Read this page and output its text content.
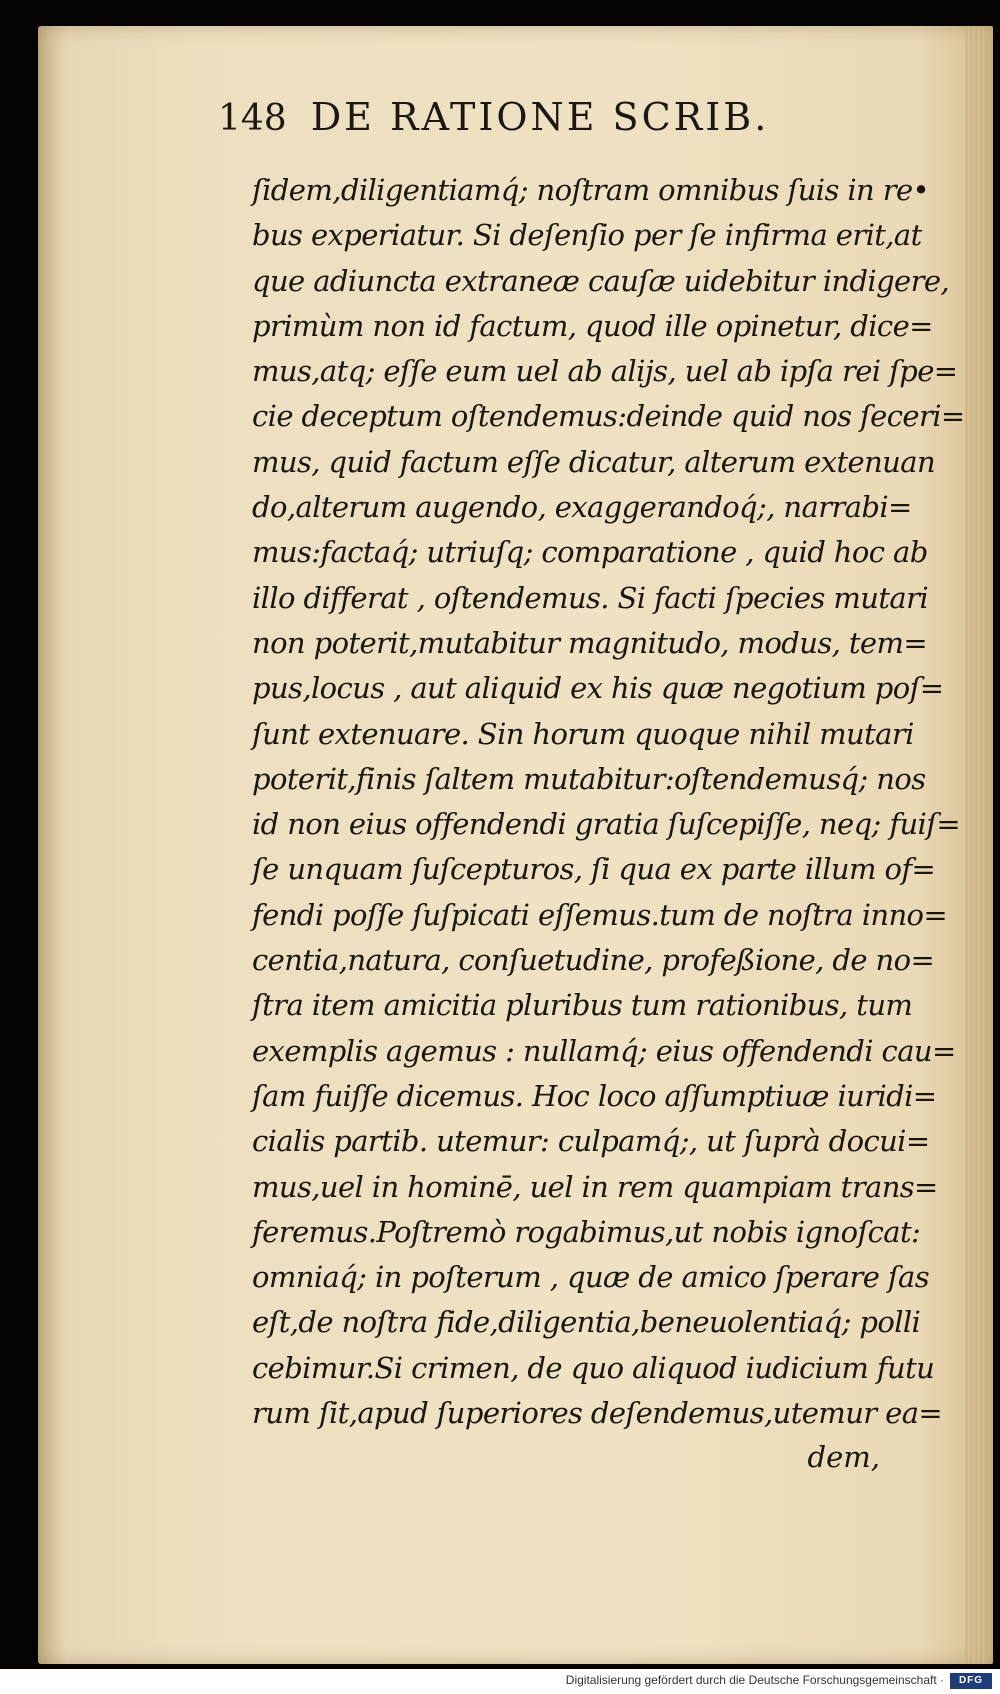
148 DE RATIONE SCRIB.
ſidem,diligentiamq́; noſtram omnibus ſuis in re•
bus experiatur. Si deſenſio per ſe infirma erit,at
que adiuncta extraneæ cauſæ uidebitur indigere,
primùm non id factum, quod ille opinetur, dice=
mus,atq; eſſe eum uel ab alijs, uel ab ipſa rei ſpe=
cie deceptum oſtendemus:deinde quid nos ſeceri=
mus, quid factum eſſe dicatur, alterum extenuan
do,alterum augendo, exaggerandoq́;, narrabi=
mus:factaq́; utriuſq; comparatione , quid hoc ab
illo differat , oſtendemus. Si facti ſpecies mutari
non poterit,mutabitur magnitudo, modus, tem=
pus,locus , aut aliquid ex his quæ negotium poſ=
ſunt extenuare. Sin horum quoque nihil mutari
poterit,finis ſaltem mutabitur:oſtendemusq́; nos
id non eius offendendi gratia ſuſcepiſſe, neq; fuiſ=
ſe unquam ſuſcepturos, ſi qua ex parte illum of=
fendi poſſe ſuſpicati eſſemus.tum de noſtra inno=
centia,natura, conſuetudine, profeßione, de no=
ſtra item amicitia pluribus tum rationibus, tum
exemplis agemus : nullamq́; eius offendendi cau=
ſam fuiſſe dicemus. Hoc loco aſſumptiuæ iuridi=
cialis partib. utemur: culpamq́;, ut ſuprà docui=
mus,uel in hominē, uel in rem quampiam trans=
feremus.Poſtremò rogabimus,ut nobis ignoſcat:
omniaq́; in poſterum , quæ de amico ſperare ſas
eſt,de noſtra fide,diligentia,beneuolentiaq́; polli
cebimur.Si crimen, de quo aliquod iudicium futu
rum ſit,apud ſuperiores deſendemus,utemur ea=
dem,
Digitalisierung gefördert durch die Deutsche Forschungsgemeinschaft ·	DFG
